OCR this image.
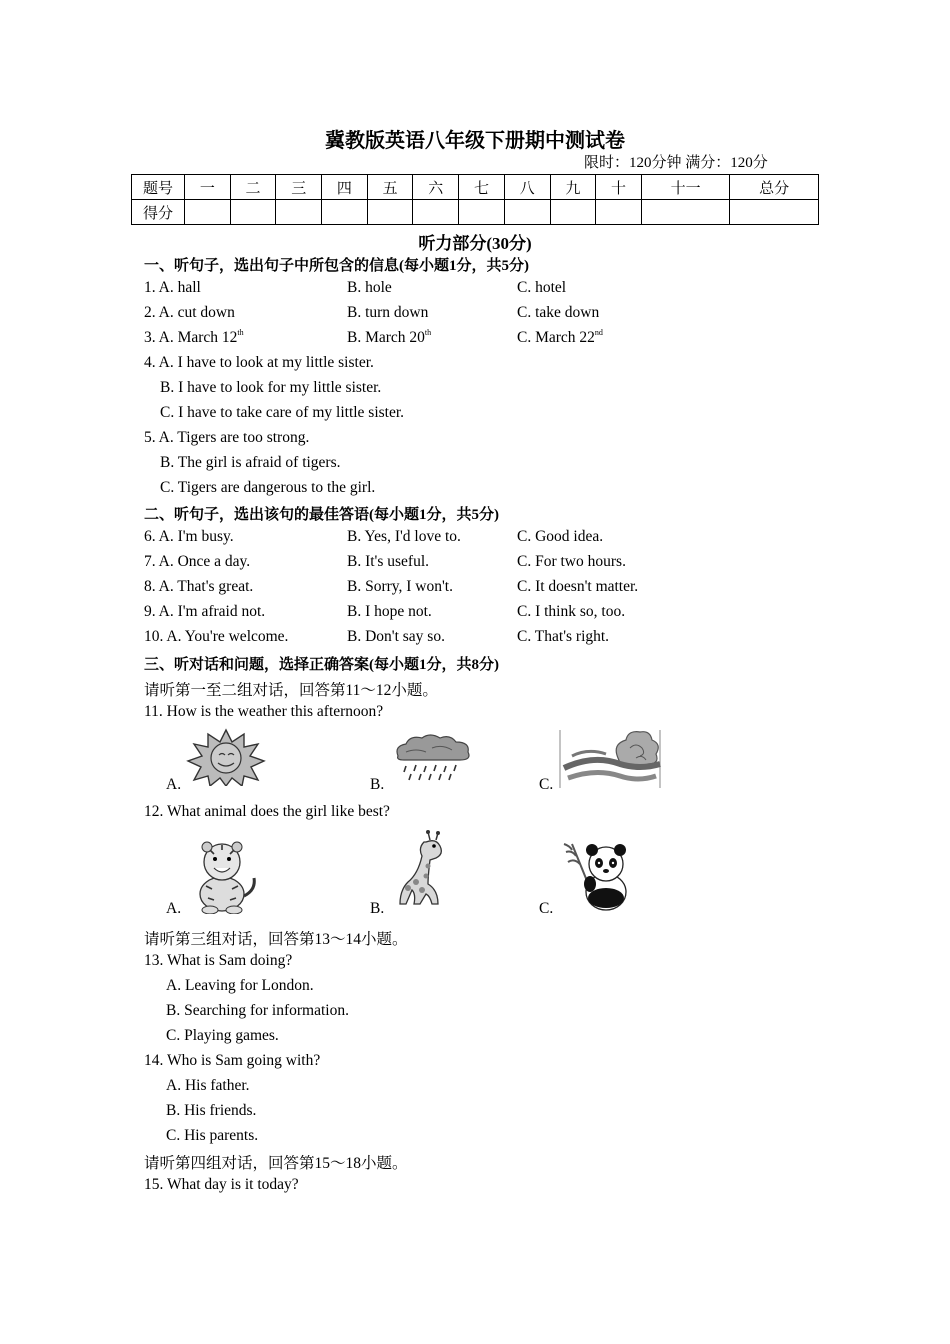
冀教版英语八年级下册期中测试卷
限时：120分钟 满分：120分
题号	一	二	三	四	五	六	七	八	九	十	十一	总分
得分												
听力部分(30分)
一、听句子，选出句子中所包含的信息(每小题1分，共5分)
1. A. hall	B. hole	C. hotel
2. A. cut down	B. turn down	C. take down
3. A. March 12th	B. March 20th	C. March 22nd
4. A. I have to look at my little sister.
B. I have to look for my little sister.
C. I have to take care of my little sister.
5. A. Tigers are too strong.
B. The girl is afraid of tigers.
C. Tigers are dangerous to the girl.
二、听句子，选出该句的最佳答语(每小题1分，共5分)
6. A. I'm busy.	B. Yes, I'd love to.	C. Good idea.
7. A. Once a day.	B. It's useful.	C. For two hours.
8. A. That's great.	B. Sorry, I won't.	C. It doesn't matter.
9. A. I'm afraid not.	B. I hope not.	C. I think so, too.
10. A. You're welcome.	B. Don't say so.	C. That's right.
三、听对话和问题，选择正确答案(每小题1分，共8分)
请听第一至二组对话，回答第11～12小题。
11. How is the weather this afternoon?
A.	B.	C.
12. What animal does the girl like best?
A.	B.	C.
请听第三组对话，回答第13～14小题。
13. What is Sam doing?
A. Leaving for London.
B. Searching for information.
C. Playing games.
14. Who is Sam going with?
A. His father.
B. His friends.
C. His parents.
请听第四组对话，回答第15～18小题。
15. What day is it today?
